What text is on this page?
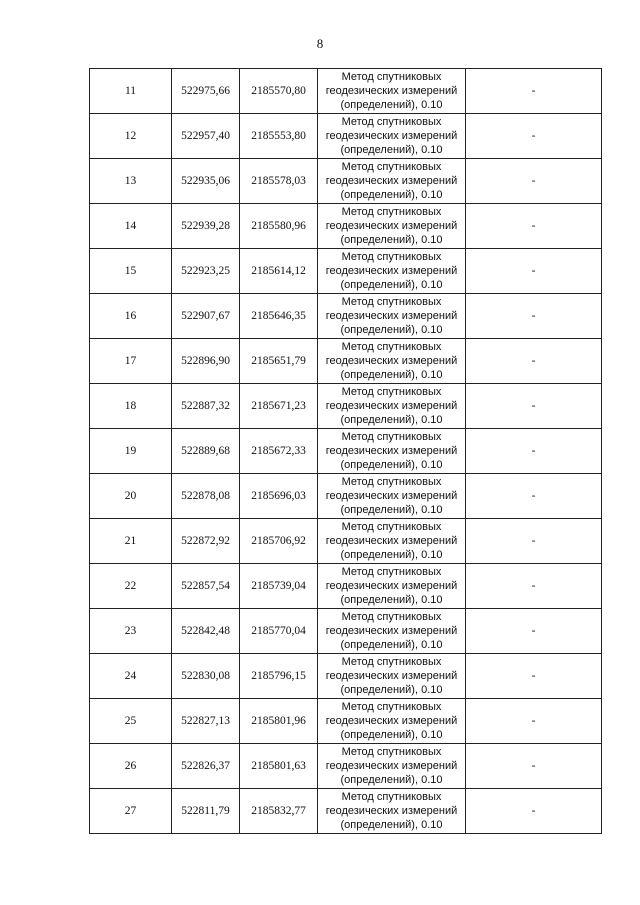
8
11	522975,66	2185570,80	Метод спутниковых
геодезических измерений
(определений), 0.10	-
12	522957,40	2185553,80	Метод спутниковых
геодезических измерений
(определений), 0.10	-
13	522935,06	2185578,03	Метод спутниковых
геодезических измерений
(определений), 0.10	-
14	522939,28	2185580,96	Метод спутниковых
геодезических измерений
(определений), 0.10	-
15	522923,25	2185614,12	Метод спутниковых
геодезических измерений
(определений), 0.10	-
16	522907,67	2185646,35	Метод спутниковых
геодезических измерений
(определений), 0.10	-
17	522896,90	2185651,79	Метод спутниковых
геодезических измерений
(определений), 0.10	-
18	522887,32	2185671,23	Метод спутниковых
геодезических измерений
(определений), 0.10	-
19	522889,68	2185672,33	Метод спутниковых
геодезических измерений
(определений), 0.10	-
20	522878,08	2185696,03	Метод спутниковых
геодезических измерений
(определений), 0.10	-
21	522872,92	2185706,92	Метод спутниковых
геодезических измерений
(определений), 0.10	-
22	522857,54	2185739,04	Метод спутниковых
геодезических измерений
(определений), 0.10	-
23	522842,48	2185770,04	Метод спутниковых
геодезических измерений
(определений), 0.10	-
24	522830,08	2185796,15	Метод спутниковых
геодезических измерений
(определений), 0.10	-
25	522827,13	2185801,96	Метод спутниковых
геодезических измерений
(определений), 0.10	-
26	522826,37	2185801,63	Метод спутниковых
геодезических измерений
(определений), 0.10	-
27	522811,79	2185832,77	Метод спутниковых
геодезических измерений
(определений), 0.10	-
